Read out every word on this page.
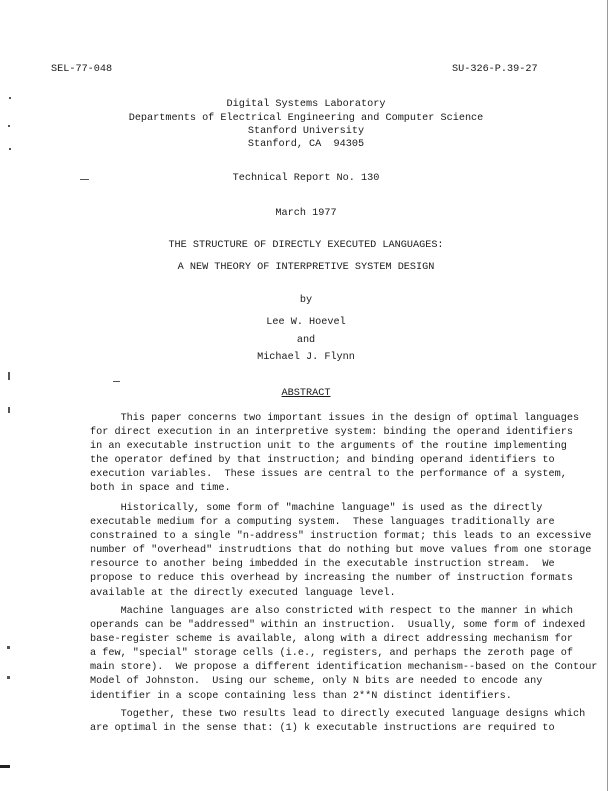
SEL-77-048	SU-326-P.39-27
Digital Systems Laboratory
Departments of Electrical Engineering and Computer Science
Stanford University
Stanford, CA  94305
Technical Report No. 130
March 1977
THE STRUCTURE OF DIRECTLY EXECUTED LANGUAGES:
A NEW THEORY OF INTERPRETIVE SYSTEM DESIGN
by
Lee W. Hoevel
and
Michael J. Flynn
ABSTRACT
This paper concerns two important issues in the design of optimal languages
for direct execution in an interpretive system: binding the operand identifiers
in an executable instruction unit to the arguments of the routine implementing
the operator defined by that instruction; and binding operand identifiers to
execution variables.  These issues are central to the performance of a system,
both in space and time.
Historically, some form of "machine language" is used as the directly
executable medium for a computing system.  These languages traditionally are
constrained to a single "n-address" instruction format; this leads to an excessive
number of "overhead" instrudtions that do nothing but move values from one storage
resource to another being imbedded in the executable instruction stream.  We
propose to reduce this overhead by increasing the number of instruction formats
available at the directly executed language level.
Machine languages are also constricted with respect to the manner in which
operands can be "addressed" within an instruction.  Usually, some form of indexed
base-register scheme is available, along with a direct addressing mechanism for
a few, "special" storage cells (i.e., registers, and perhaps the zeroth page of
main store).  We propose a different identification mechanism--based on the Contour
Model of Johnston.  Using our scheme, only N bits are needed to encode any
identifier in a scope containing less than 2**N distinct identifiers.
Together, these two results lead to directly executed language designs which
are optimal in the sense that: (1) k executable instructions are required to
